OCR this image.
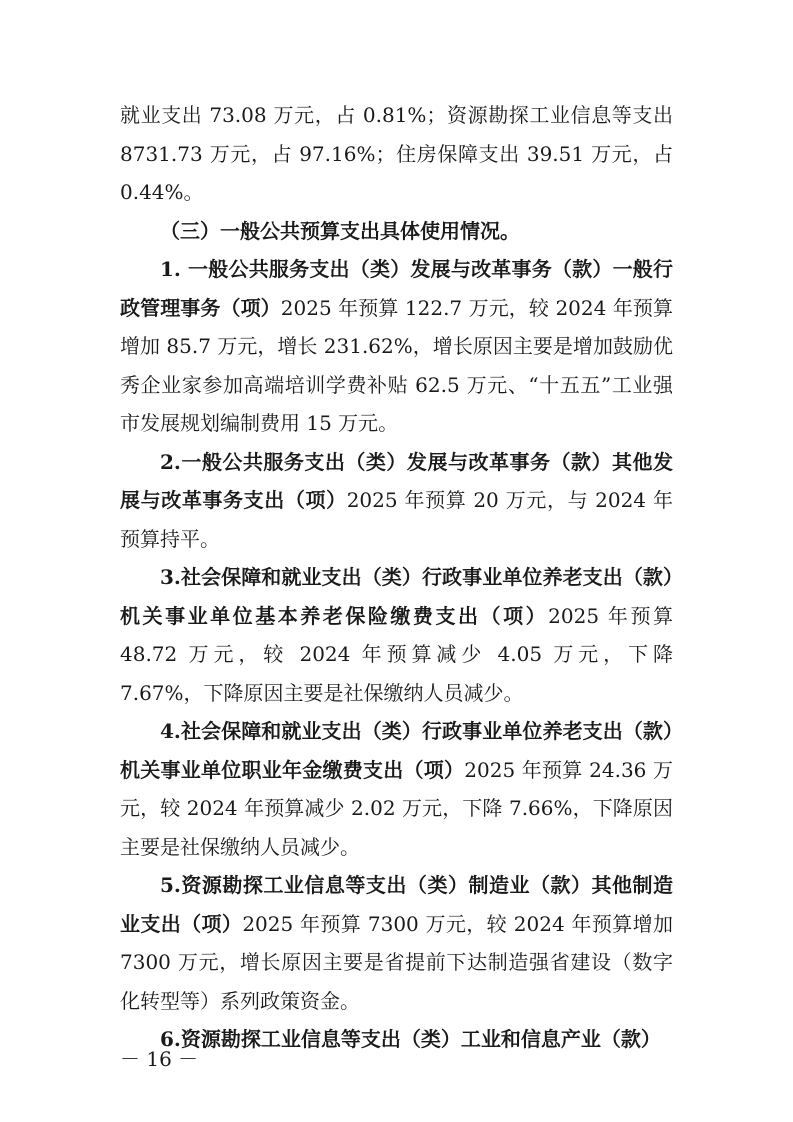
就业支出 73.08 万元，占 0.81%；资源勘探工业信息等支出 8731.73 万元，占 97.16%；住房保障支出 39.51 万元，占 0.44%。

（三）一般公共预算支出具体使用情况。

1. 一般公共服务支出（类）发展与改革事务（款）一般行政管理事务（项）2025 年预算 122.7 万元，较 2024 年预算增加 85.7 万元，增长 231.62%，增长原因主要是增加鼓励优秀企业家参加高端培训学费补贴 62.5 万元、“十五五”工业强市发展规划编制费用 15 万元。

2.一般公共服务支出（类）发展与改革事务（款）其他发展与改革事务支出（项）2025 年预算 20 万元，与 2024 年预算持平。

3.社会保障和就业支出（类）行政事业单位养老支出（款）机关事业单位基本养老保险缴费支出（项）2025 年预算 48.72 万元，较 2024 年预算减少 4.05 万元，下降 7.67%，下降原因主要是社保缴纳人员减少。

4.社会保障和就业支出（类）行政事业单位养老支出（款）机关事业单位职业年金缴费支出（项）2025 年预算 24.36 万元，较 2024 年预算减少 2.02 万元，下降 7.66%，下降原因主要是社保缴纳人员减少。

5.资源勘探工业信息等支出（类）制造业（款）其他制造业支出（项）2025 年预算 7300 万元，较 2024 年预算增加 7300 万元，增长原因主要是省提前下达制造强省建设（数字化转型等）系列政策资金。

6.资源勘探工业信息等支出（类）工业和信息产业（款）

－ 16 －
